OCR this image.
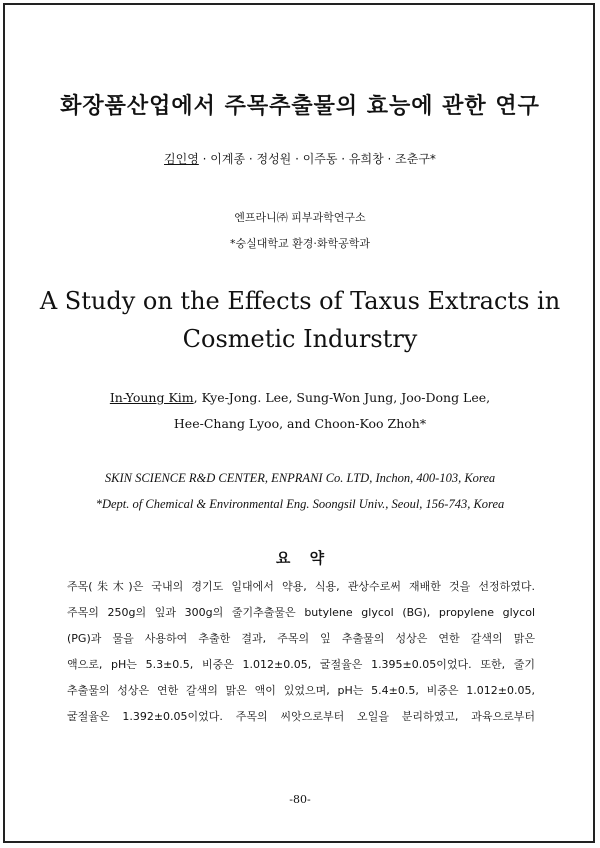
화장품산업에서 주목추출물의 효능에 관한 연구
김인영 · 이계종 · 정성원 · 이주동 · 유희창 · 조춘구*
엔프라니㈜ 피부과학연구소
*숭실대학교 환경·화학공학과
A Study on the Effects of Taxus Extracts in
Cosmetic Indurstry
In-Young Kim, Kye-Jong. Lee, Sung-Won Jung, Joo-Dong Lee,
Hee-Chang Lyoo, and Choon-Koo Zhoh*
SKIN SCIENCE R&D CENTER, ENPRANI Co. LTD, Inchon, 400-103, Korea
*Dept. of Chemical & Environmental Eng. Soongsil Univ., Seoul, 156-743, Korea
요 약
주목(朱木)은 국내의 경기도 일대에서 약용, 식용, 관상수로써 재배한 것을 선정하였다.
주목의 250g의 잎과 300g의 줄기추출물은 butylene glycol (BG), propylene glycol
(PG)과 물을 사용하여 추출한 결과, 주목의 잎 추출물의 성상은 연한 갈색의 맑은
액으로, pH는 5.3±0.5, 비중은 1.012±0.05, 굴절율은 1.395±0.05이었다. 또한, 줄기
추출물의 성상은 연한 갈색의 맑은 액이 있었으며, pH는 5.4±0.5, 비중은 1.012±0.05,
굴절율은 1.392±0.05이었다. 주목의 씨앗으로부터 오일을 분리하였고, 과육으로부터
-80-
